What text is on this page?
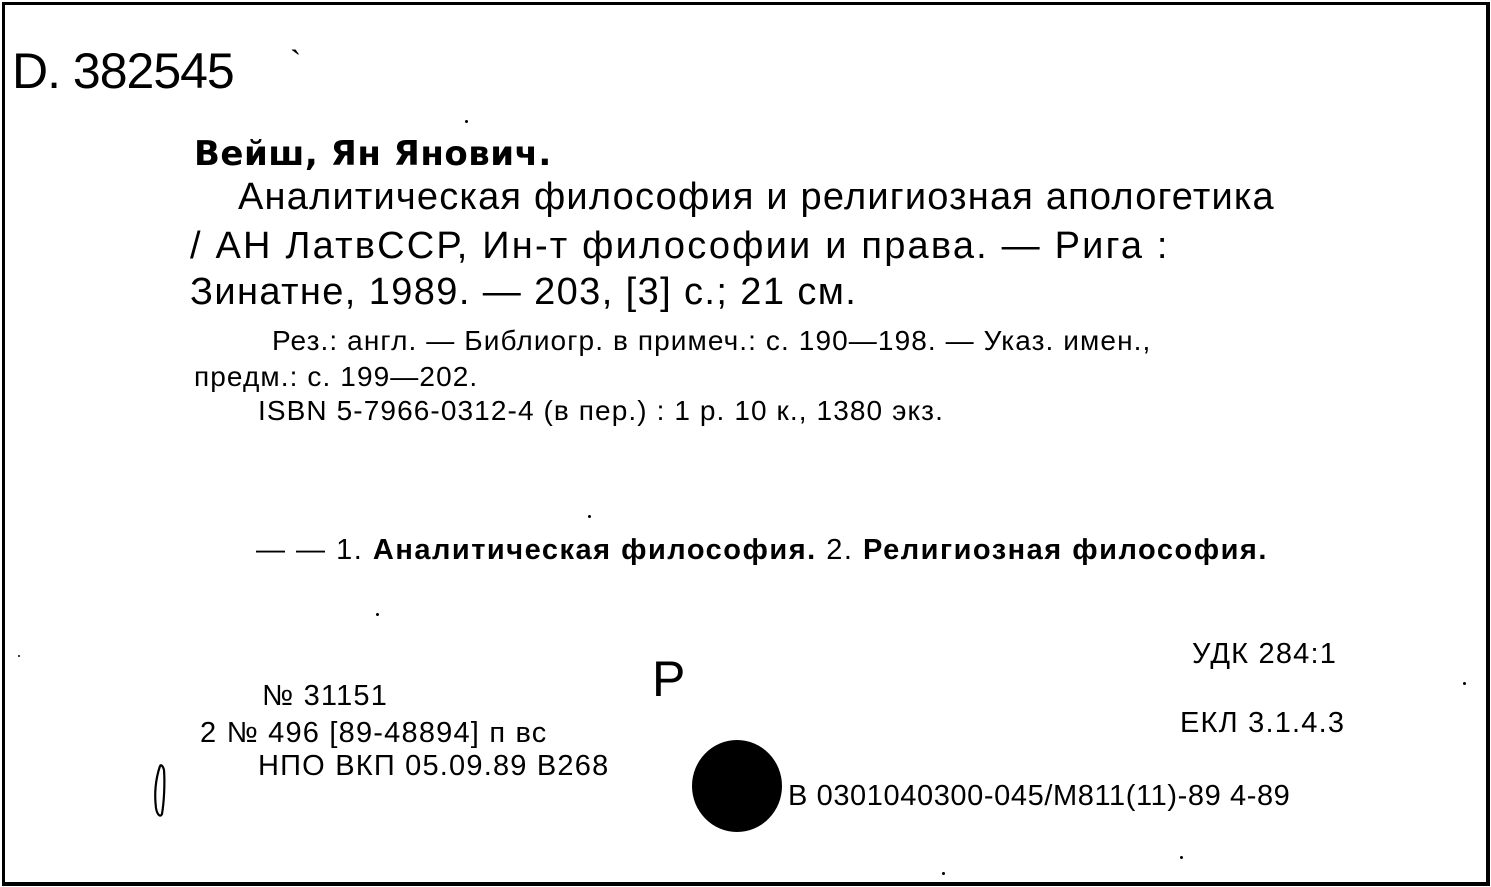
D. 382545 `
Вейш, Ян Янович.
Аналитическая философия и религиозная апологетика
/ АН ЛатвССР, Ин-т философии и права. — Рига :
Зинатне, 1989. — 203, [3] с.; 21 см.
Рез.: англ. — Библиогр. в примеч.: с. 190—198. — Указ. имен.,
предм.: с. 199—202.
ISBN 5-7966-0312-4 (в пер.) : 1 р. 10 к., 1380 экз.
— — 1. Аналитическая философия. 2. Религиозная философия.
УДК 284:1
Р
ЕКЛ 3.1.4.3
№ 31151
2 № 496 [89-48894] п вс
НПО ВКП 05.09.89 В268
В 0301040300-045/М811(11)-89 4-89
